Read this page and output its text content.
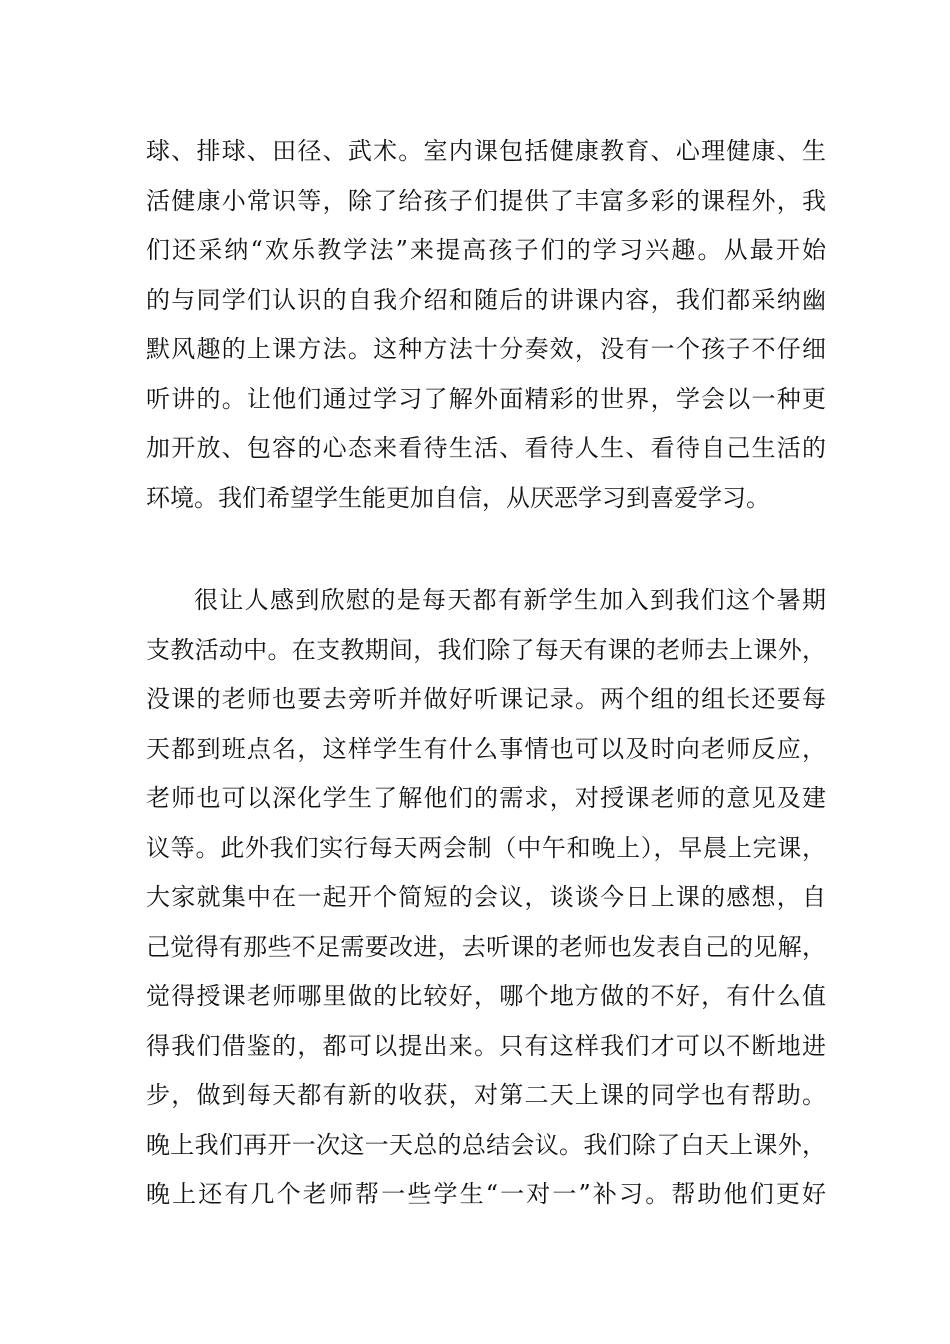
球、排球、田径、武术。室内课包括健康教育、心理健康、生
活健康小常识等，除了给孩子们提供了丰富多彩的课程外，我
们还采纳“欢乐教学法”来提高孩子们的学习兴趣。从最开始
的与同学们认识的自我介绍和随后的讲课内容，我们都采纳幽
默风趣的上课方法。这种方法十分奏效，没有一个孩子不仔细
听讲的。让他们通过学习了解外面精彩的世界，学会以一种更
加开放、包容的心态来看待生活、看待人生、看待自己生活的
环境。我们希望学生能更加自信，从厌恶学习到喜爱学习。
很让人感到欣慰的是每天都有新学生加入到我们这个暑期
支教活动中。在支教期间，我们除了每天有课的老师去上课外，
没课的老师也要去旁听并做好听课记录。两个组的组长还要每
天都到班点名，这样学生有什么事情也可以及时向老师反应，
老师也可以深化学生了解他们的需求，对授课老师的意见及建
议等。此外我们实行每天两会制（中午和晚上），早晨上完课，
大家就集中在一起开个简短的会议，谈谈今日上课的感想，自
己觉得有那些不足需要改进，去听课的老师也发表自己的见解，
觉得授课老师哪里做的比较好，哪个地方做的不好，有什么值
得我们借鉴的，都可以提出来。只有这样我们才可以不断地进
步，做到每天都有新的收获，对第二天上课的同学也有帮助。
晚上我们再开一次这一天总的总结会议。我们除了白天上课外，
晚上还有几个老师帮一些学生“一对一”补习。帮助他们更好
